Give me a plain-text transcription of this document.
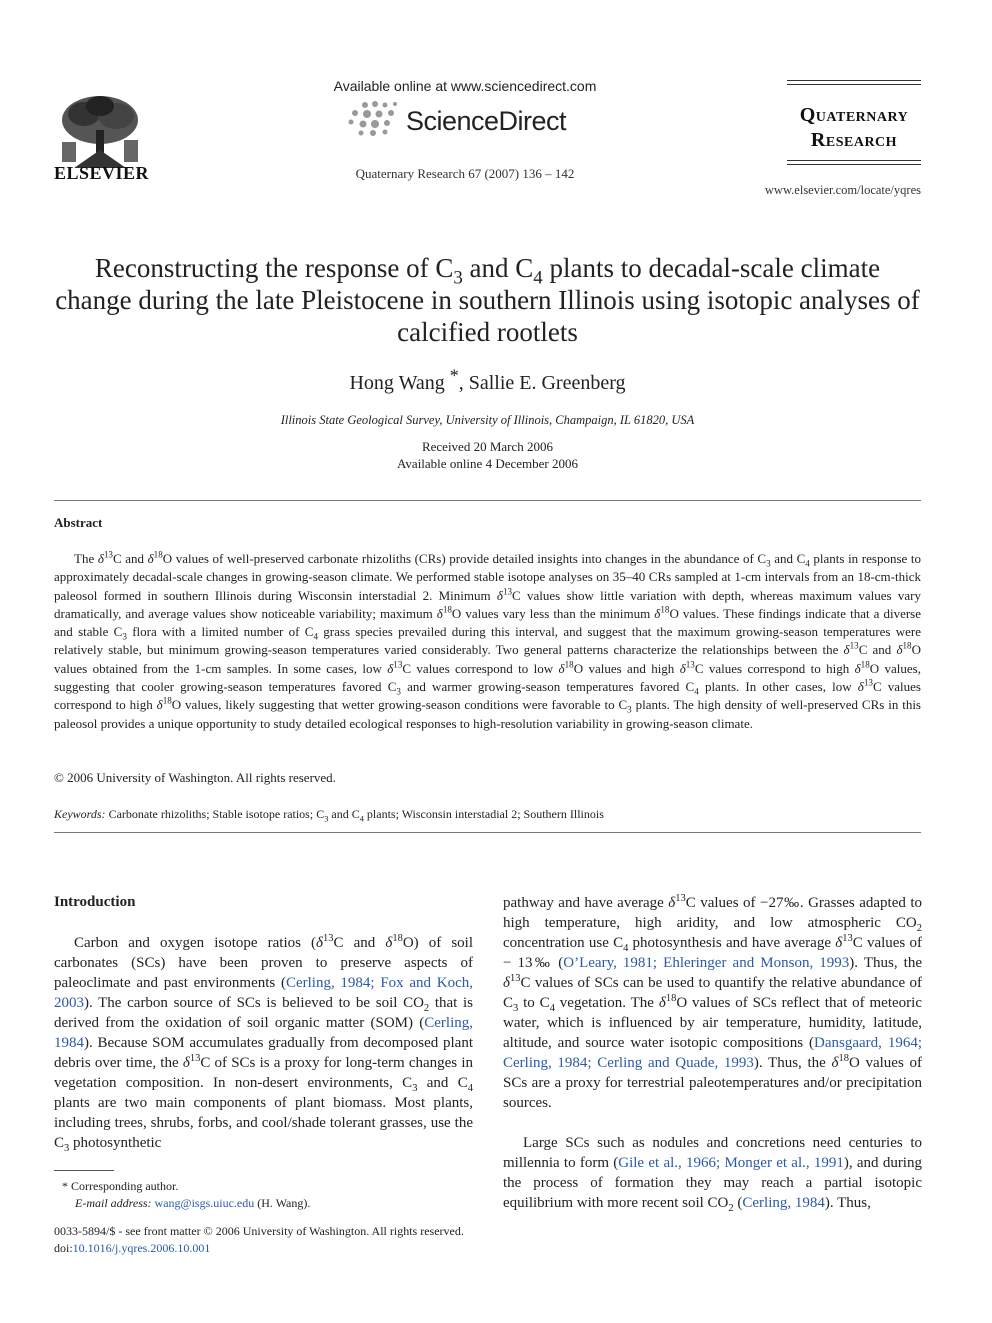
ELSEVIER
Available online at www.sciencedirect.com
ScienceDirect
Quaternary Research 67 (2007) 136 – 142
Quaternary
Research
www.elsevier.com/locate/yqres
Reconstructing the response of $C_3$ and $C_4$ plants to decadal-scale climate change during the late Pleistocene in southern Illinois using isotopic analyses of calcified rootlets
Hong Wang *, Sallie E. Greenberg
Illinois State Geological Survey, University of Illinois, Champaign, IL 61820, USA
Received 20 March 2006
Available online 4 December 2006
Abstract

The $\delta^{13}C$ and $\delta^{18}O$ values of well-preserved carbonate rhizoliths (CRs) provide detailed insights into changes in the abundance of $C_3$ and $C_4$ plants in response to approximately decadal-scale changes in growing-season climate. We performed stable isotope analyses on 35–40 CRs sampled at 1-cm intervals from an 18-cm-thick paleosol formed in southern Illinois during Wisconsin interstadial 2. Minimum $\delta^{13}C$ values show little variation with depth, whereas maximum values vary dramatically, and average values show noticeable variability; maximum $\delta^{18}O$ values vary less than the minimum $\delta^{18}O$ values. These findings indicate that a diverse and stable $C_3$ flora with a limited number of $C_4$ grass species prevailed during this interval, and suggest that the maximum growing-season temperatures were relatively stable, but minimum growing-season temperatures varied considerably. Two general patterns characterize the relationships between the $\delta^{13}C$ and $\delta^{18}O$ values obtained from the 1-cm samples. In some cases, low $\delta^{13}C$ values correspond to low $\delta^{18}O$ values and high $\delta^{13}C$ values correspond to high $\delta^{18}O$ values, suggesting that cooler growing-season temperatures favored $C_3$ and warmer growing-season temperatures favored $C_4$ plants. In other cases, low $\delta^{13}C$ values correspond to high $\delta^{18}O$ values, likely suggesting that wetter growing-season conditions were favorable to $C_3$ plants. The high density of well-preserved CRs in this paleosol provides a unique opportunity to study detailed ecological responses to high-resolution variability in growing-season climate.

© 2006 University of Washington. All rights reserved.
Keywords: Carbonate rhizoliths; Stable isotope ratios; $C_3$ and $C_4$ plants; Wisconsin interstadial 2; Southern Illinois
Introduction

Carbon and oxygen isotope ratios ($\delta^{13}C$ and $\delta^{18}O$) of soil carbonates (SCs) have been proven to preserve aspects of paleoclimate and past environments (Cerling, 1984; Fox and Koch, 2003). The carbon source of SCs is believed to be soil $CO_2$ that is derived from the oxidation of soil organic matter (SOM) (Cerling, 1984). Because SOM accumulates gradually from decomposed plant debris over time, the $\delta^{13}C$ of SCs is a proxy for long-term changes in vegetation composition. In non-desert environments, $C_3$ and $C_4$ plants are two main components of plant biomass. Most plants, including trees, shrubs, forbs, and cool/shade tolerant grasses, use the $C_3$ photosynthetic

pathway and have average $\delta^{13}C$ values of −27‰. Grasses adapted to high temperature, high aridity, and low atmospheric $CO_2$ concentration use $C_4$ photosynthesis and have average $\delta^{13}C$ values of − 13‰ (O’Leary, 1981; Ehleringer and Monson, 1993). Thus, the $\delta^{13}C$ values of SCs can be used to quantify the relative abundance of $C_3$ to $C_4$ vegetation. The $\delta^{18}O$ values of SCs reflect that of meteoric water, which is influenced by air temperature, humidity, latitude, altitude, and source water isotopic compositions (Dansgaard, 1964; Cerling, 1984; Cerling and Quade, 1993). Thus, the $\delta^{18}O$ values of SCs are a proxy for terrestrial paleotemperatures and/or precipitation sources.

Large SCs such as nodules and concretions need centuries to millennia to form (Gile et al., 1966; Monger et al., 1991), and during the process of formation they may reach a partial isotopic equilibrium with more recent soil $CO_2$ (Cerling, 1984). Thus,

* Corresponding author.
E-mail address: wang@isgs.uiuc.edu (H. Wang).
0033-5894/$ - see front matter © 2006 University of Washington. All rights reserved.
doi:10.1016/j.yqres.2006.10.001
